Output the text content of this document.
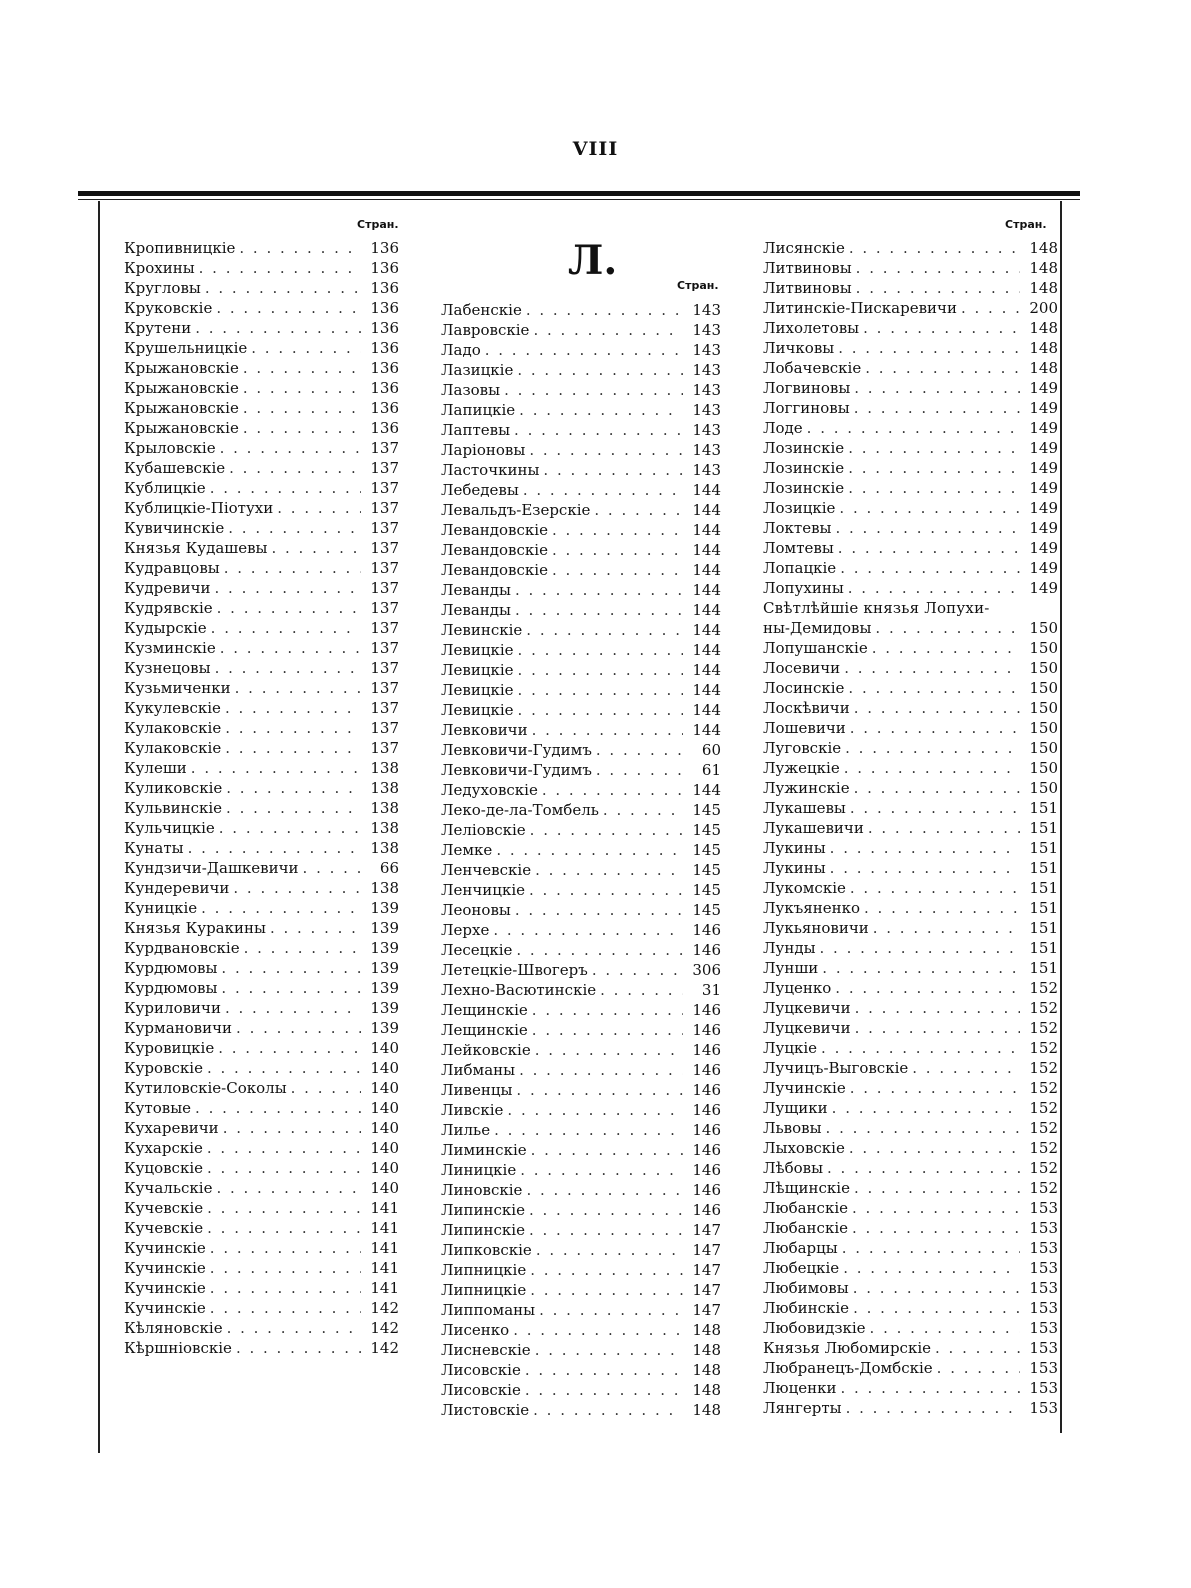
VIII
Стран.
Стран.
Стран.
Л.
Кропивницкіе . . .	136
Крохины . . .	136
Кругловы . . .	136
Круковскіе . . .	136
Крутени . . .	136
Крушельницкіе . . .	136
Крыжановскіе . . .	136
Крыжановскіе . . .	136
Крыжановскіе . . .	136
Крыжановскіе . . .	136
Крыловскіе . . .	137
Кубашевскіе . . .	137
Кублицкіе . . .	137
Кублицкіе-Піотухи . . .	137
Кувичинскіе . . .	137
Князья Кудашевы . . .	137
Кудравцовы . . .	137
Кудревичи . . .	137
Кудрявскіе . . .	137
Кудырскіе . . .	137
Кузминскіе . . .	137
Кузнецовы . . .	137
Кузьмиченки . . .	137
Кукулевскіе . . .	137
Кулаковскіе . . .	137
Кулаковскіе . . .	137
Кулеши . . .	138
Куликовскіе . . .	138
Кульвинскіе . . .	138
Кульчицкіе . . .	138
Кунаты . . .	138
Кундзичи-Дашкевичи . . .	66
Кундеревичи . . .	138
Куницкіе . . .	139
Князья Куракины . . .	139
Курдвановскіе . . .	139
Курдюмовы . . .	139
Курдюмовы . . .	139
Куриловичи . . .	139
Курмановичи . . .	139
Куровицкіе . . .	140
Куровскіе . . .	140
Кутиловскіе-Соколы . . .	140
Кутовые . . .	140
Кухаревичи . . .	140
Кухарскіе . . .	140
Куцовскіе . . .	140
Кучальскіе . . .	140
Кучевскіе . . .	141
Кучевскіе . . .	141
Кучинскіе . . .	141
Кучинскіе . . .	141
Кучинскіе . . .	141
Кучинскіе . . .	142
Кѣляновскіе . . .	142
Кѣршніовскіе . . .	142
Лабенскіе . . .	143
Лавровскіе . . .	143
Ладо . . .	143
Лазицкіе . . .	143
Лазовы . . .	143
Лапицкіе . . .	143
Лаптевы . . .	143
Ларіоновы . . .	143
Ласточкины . . .	143
Лебедевы . . .	144
Левальдъ-Езерскіе . . .	144
Левандовскіе . . .	144
Левандовскіе . . .	144
Левандовскіе . . .	144
Леванды . . .	144
Леванды . . .	144
Левинскіе . . .	144
Левицкіе . . .	144
Левицкіе . . .	144
Левицкіе . . .	144
Левицкіе . . .	144
Левковичи . . .	144
Левковичи-Гудимъ . . .	60
Левковичи-Гудимъ . . .	61
Ледуховскіе . . .	144
Леко-де-ла-Томбель . . .	145
Леліовскіе . . .	145
Лемке . . .	145
Ленчевскіе . . .	145
Ленчицкіе . . .	145
Леоновы . . .	145
Лерхе . . .	146
Лесецкіе . . .	146
Летецкіе-Швогеръ . . .	306
Лехно-Васютинскіе . . .	31
Лещинскіе . . .	146
Лещинскіе . . .	146
Лейковскіе . . .	146
Либманы . . .	146
Ливенцы . . .	146
Ливскіе . . .	146
Лилье . . .	146
Лиминскіе . . .	146
Линицкіе . . .	146
Линовскіе . . .	146
Липинскіе . . .	146
Липинскіе . . .	147
Липковскіе . . .	147
Липницкіе . . .	147
Липницкіе . . .	147
Липпоманы . . .	147
Лисенко . . .	148
Лисневскіе . . .	148
Лисовскіе . . .	148
Лисовскіе . . .	148
Листовскіе . . .	148
Лисянскіе . . .	148
Литвиновы . . .	148
Литвиновы . . .	148
Литинскіе-Пискаревичи . . .	200
Лихолетовы . . .	148
Личковы . . .	148
Лобачевскіе . . .	148
Логвиновы . . .	149
Логгиновы . . .	149
Лоде . . .	149
Лозинскіе . . .	149
Лозинскіе . . .	149
Лозинскіе . . .	149
Лозицкіе . . .	149
Локтевы . . .	149
Ломтевы . . .	149
Лопацкіе . . .	149
Лопухины . . .	149
Свѣтлѣйшіе князья Лопухи-
ны-Демидовы . . .	150
Лопушанскіе . . .	150
Лосевичи . . .	150
Лосинскіе . . .	150
Лоскѣвичи . . .	150
Лошевичи . . .	150
Луговскіе . . .	150
Лужецкіе . . .	150
Лужинскіе . . .	150
Лукашевы . . .	151
Лукашевичи . . .	151
Лукины . . .	151
Лукины . . .	151
Лукомскіе . . .	151
Лукъяненко . . .	151
Лукьяновичи . . .	151
Лунды . . .	151
Лунши . . .	151
Луценко . . .	152
Луцкевичи . . .	152
Луцкевичи . . .	152
Луцкіе . . .	152
Лучицъ-Выговскіе . . .	152
Лучинскіе . . .	152
Лущики . . .	152
Львовы . . .	152
Лыховскіе . . .	152
Лѣбовы . . .	152
Лѣщинскіе . . .	152
Любанскіе . . .	153
Любанскіе . . .	153
Любарцы . . .	153
Любецкіе . . .	153
Любимовы . . .	153
Любинскіе . . .	153
Любовидзкіе . . .	153
Князья Любомирскіе . . .	153
Любранецъ-Домбскіе . . .	153
Люценки . . .	153
Лянгерты . . .	153
